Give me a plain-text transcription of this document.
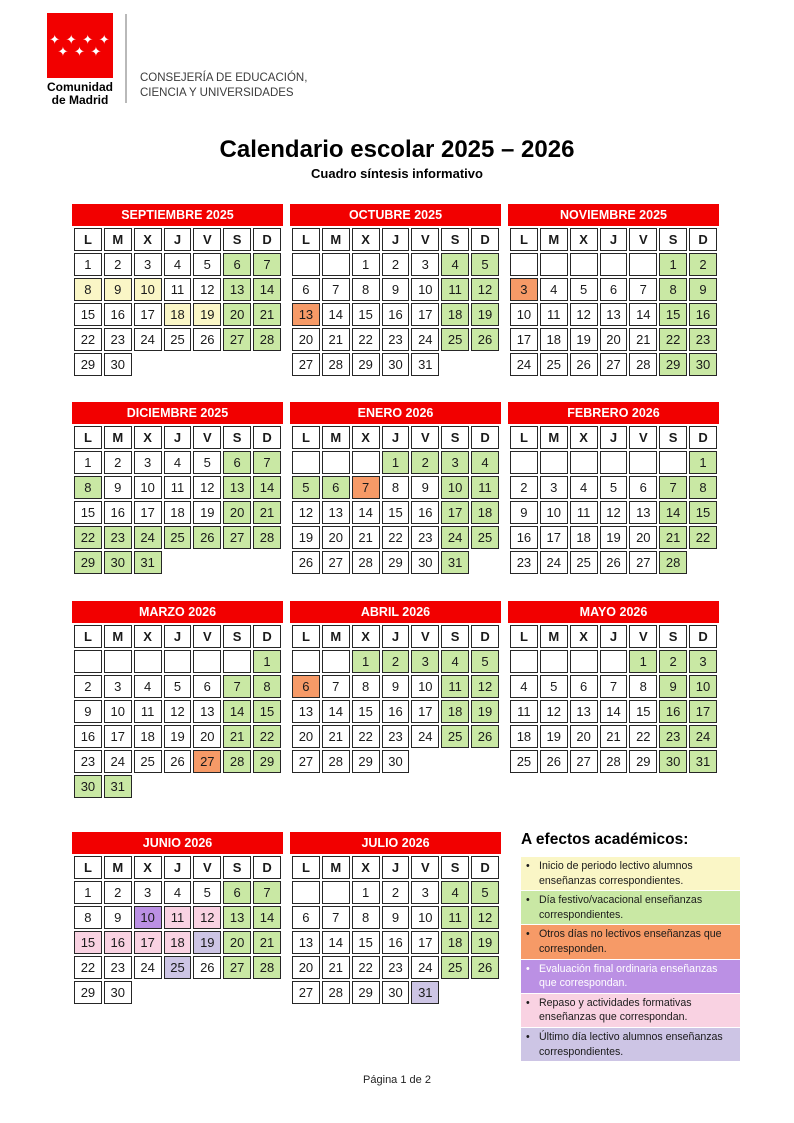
✦ ✦ ✦ ✦
✦ ✦ ✦
Comunidad
de Madrid
CONSEJERÍA DE EDUCACIÓN,
CIENCIA Y UNIVERSIDADES
Calendario escolar 2025 – 2026
Cuadro síntesis informativo
SEPTIEMBRE 2025
L	M	X	J	V	S	D
1	2	3	4	5	6	7
8	9	10	11	12	13	14
15	16	17	18	19	20	21
22	23	24	25	26	27	28
29	30					
OCTUBRE 2025
L	M	X	J	V	S	D
		1	2	3	4	5
6	7	8	9	10	11	12
13	14	15	16	17	18	19
20	21	22	23	24	25	26
27	28	29	30	31		
NOVIEMBRE 2025
L	M	X	J	V	S	D
					1	2
3	4	5	6	7	8	9
10	11	12	13	14	15	16
17	18	19	20	21	22	23
24	25	26	27	28	29	30
DICIEMBRE 2025
L	M	X	J	V	S	D
1	2	3	4	5	6	7
8	9	10	11	12	13	14
15	16	17	18	19	20	21
22	23	24	25	26	27	28
29	30	31				
ENERO 2026
L	M	X	J	V	S	D
			1	2	3	4
5	6	7	8	9	10	11
12	13	14	15	16	17	18
19	20	21	22	23	24	25
26	27	28	29	30	31	
FEBRERO 2026
L	M	X	J	V	S	D
						1
2	3	4	5	6	7	8
9	10	11	12	13	14	15
16	17	18	19	20	21	22
23	24	25	26	27	28	
MARZO 2026
L	M	X	J	V	S	D
						1
2	3	4	5	6	7	8
9	10	11	12	13	14	15
16	17	18	19	20	21	22
23	24	25	26	27	28	29
30	31					
ABRIL 2026
L	M	X	J	V	S	D
		1	2	3	4	5
6	7	8	9	10	11	12
13	14	15	16	17	18	19
20	21	22	23	24	25	26
27	28	29	30			
MAYO 2026
L	M	X	J	V	S	D
				1	2	3
4	5	6	7	8	9	10
11	12	13	14	15	16	17
18	19	20	21	22	23	24
25	26	27	28	29	30	31
JUNIO 2026
L	M	X	J	V	S	D
1	2	3	4	5	6	7
8	9	10	11	12	13	14
15	16	17	18	19	20	21
22	23	24	25	26	27	28
29	30					
JULIO 2026
L	M	X	J	V	S	D
		1	2	3	4	5
6	7	8	9	10	11	12
13	14	15	16	17	18	19
20	21	22	23	24	25	26
27	28	29	30	31		
A efectos académicos:
• Inicio de periodo lectivo alumnos enseñanzas correspondientes.
• Día festivo/vacacional enseñanzas correspondientes.
• Otros días no lectivos enseñanzas que corresponden.
• Evaluación final ordinaria enseñanzas que correspondan.
• Repaso y actividades formativas enseñanzas que correspondan.
• Último día lectivo alumnos enseñanzas correspondientes.
Página 1 de 2
